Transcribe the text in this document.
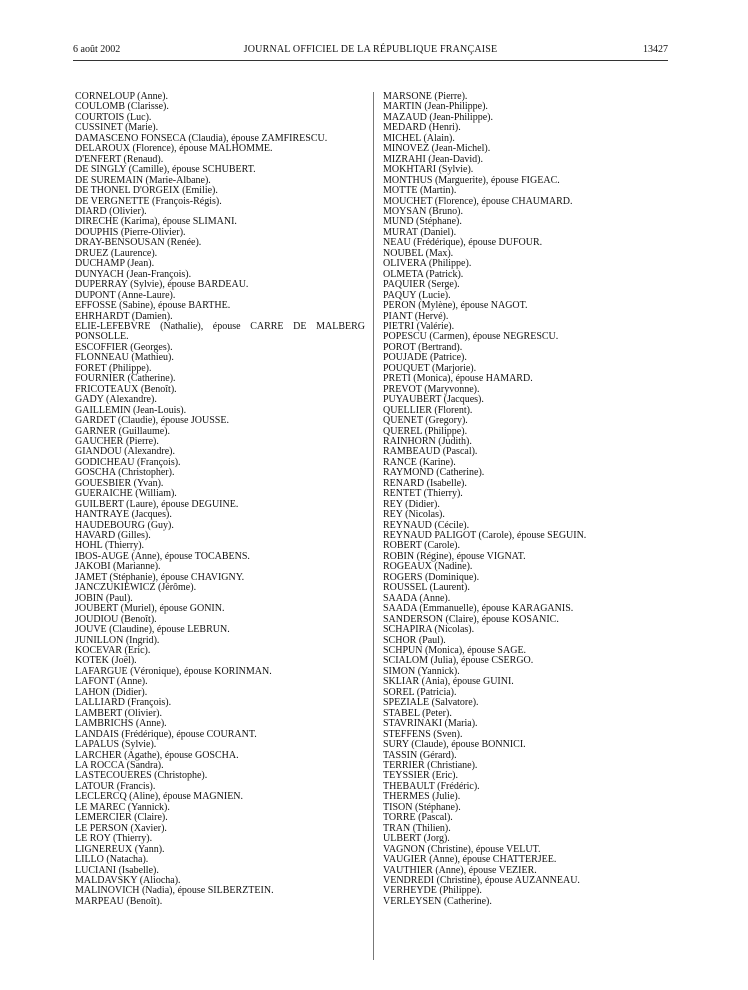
6 août 2002	JOURNAL OFFICIEL DE LA RÉPUBLIQUE FRANÇAISE	13427
CORNELOUP (Anne).
COULOMB (Clarisse).
COURTOIS (Luc).
CUSSINET (Marie).
DAMASCENO FONSECA (Claudia), épouse ZAMFIRESCU.
DELAROUX (Florence), épouse MALHOMME.
D'ENFERT (Renaud).
DE SINGLY (Camille), épouse SCHUBERT.
DE SUREMAIN (Marie-Albane).
DE THONEL D'ORGEIX (Emilie).
DE VERGNETTE (François-Régis).
DIARD (Olivier).
DIRECHE (Karima), épouse SLIMANI.
DOUPHIS (Pierre-Olivier).
DRAY-BENSOUSAN (Renée).
DRUEZ (Laurence).
DUCHAMP (Jean).
DUNYACH (Jean-François).
DUPERRAY (Sylvie), épouse BARDEAU.
DUPONT (Anne-Laure).
EFFOSSE (Sabine), épouse BARTHE.
EHRHARDT (Damien).
ELIE-LEFEBVRE (Nathalie), épouse CARRE DE MALBERG
PONSOLLE.
ESCOFFIER (Georges).
FLONNEAU (Mathieu).
FORET (Philippe).
FOURNIER (Catherine).
FRICOTEAUX (Benoît).
GADY (Alexandre).
GAILLEMIN (Jean-Louis).
GARDET (Claudie), épouse JOUSSE.
GARNER (Guillaume).
GAUCHER (Pierre).
GIANDOU (Alexandre).
GODICHEAU (François).
GOSCHA (Christopher).
GOUESBIER (Yvan).
GUERAICHE (William).
GUILBERT (Laure), épouse DEGUINE.
HANTRAYE (Jacques).
HAUDEBOURG (Guy).
HAVARD (Gilles).
HOHL (Thierry).
IBOS-AUGE (Anne), épouse TOCABENS.
JAKOBI (Marianne).
JAMET (Stéphanie), épouse CHAVIGNY.
JANCZUKIEWICZ (Jérôme).
JOBIN (Paul).
JOUBERT (Muriel), épouse GONIN.
JOUDIOU (Benoît).
JOUVE (Claudine), épouse LEBRUN.
JUNILLON (Ingrid).
KOCEVAR (Eric).
KOTEK (Joël).
LAFARGUE (Véronique), épouse KORINMAN.
LAFONT (Anne).
LAHON (Didier).
LALLIARD (François).
LAMBERT (Olivier).
LAMBRICHS (Anne).
LANDAIS (Frédérique), épouse COURANT.
LAPALUS (Sylvie).
LARCHER (Agathe), épouse GOSCHA.
LA ROCCA (Sandra).
LASTECOUERES (Christophe).
LATOUR (Francis).
LECLERCQ (Aline), épouse MAGNIEN.
LE MAREC (Yannick).
LEMERCIER (Claire).
LE PERSON (Xavier).
LE ROY (Thierry).
LIGNEREUX (Yann).
LILLO (Natacha).
LUCIANI (Isabelle).
MALDAVSKY (Aliocha).
MALINOVICH (Nadia), épouse SILBERZTEIN.
MARPEAU (Benoît).
MARSONE (Pierre).
MARTIN (Jean-Philippe).
MAZAUD (Jean-Philippe).
MEDARD (Henri).
MICHEL (Alain).
MINOVEZ (Jean-Michel).
MIZRAHI (Jean-David).
MOKHTARI (Sylvie).
MONTHUS (Marguerite), épouse FIGEAC.
MOTTE (Martin).
MOUCHET (Florence), épouse CHAUMARD.
MOYSAN (Bruno).
MUND (Stéphane).
MURAT (Daniel).
NEAU (Frédérique), épouse DUFOUR.
NOUBEL (Max).
OLIVERA (Philippe).
OLMETA (Patrick).
PAQUIER (Serge).
PAQUY (Lucie).
PERON (Mylène), épouse NAGOT.
PIANT (Hervé).
PIETRI (Valérie).
POPESCU (Carmen), épouse NEGRESCU.
POROT (Bertrand).
POUJADE (Patrice).
POUQUET (Marjorie).
PRETI (Monica), épouse HAMARD.
PREVOT (Maryvonne).
PUYAUBERT (Jacques).
QUELLIER (Florent).
QUENET (Gregory).
QUEREL (Philippe).
RAINHORN (Judith).
RAMBEAUD (Pascal).
RANCE (Karine).
RAYMOND (Catherine).
RENARD (Isabelle).
RENTET (Thierry).
REY (Didier).
REY (Nicolas).
REYNAUD (Cécile).
REYNAUD PALIGOT (Carole), épouse SEGUIN.
ROBERT (Carole).
ROBIN (Régine), épouse VIGNAT.
ROGEAUX (Nadine).
ROGERS (Dominique).
ROUSSEL (Laurent).
SAADA (Anne).
SAADA (Emmanuelle), épouse KARAGANIS.
SANDERSON (Claire), épouse KOSANIC.
SCHAPIRA (Nicolas).
SCHOR (Paul).
SCHPUN (Monica), épouse SAGE.
SCIALOM (Julia), épouse CSERGO.
SIMON (Yannick).
SKLIAR (Ania), épouse GUINI.
SOREL (Patricia).
SPEZIALE (Salvatore).
STABEL (Peter).
STAVRINAKI (Maria).
STEFFENS (Sven).
SURY (Claude), épouse BONNICI.
TASSIN (Gérard).
TERRIER (Christiane).
TEYSSIER (Eric).
THEBAULT (Frédéric).
THERMES (Julie).
TISON (Stéphane).
TORRE (Pascal).
TRAN (Thilien).
ULBERT (Jorg).
VAGNON (Christine), épouse VELUT.
VAUGIER (Anne), épouse CHATTERJEE.
VAUTHIER (Anne), épouse VEZIER.
VENDREDI (Christine), épouse AUZANNEAU.
VERHEYDE (Philippe).
VERLEYSEN (Catherine).
